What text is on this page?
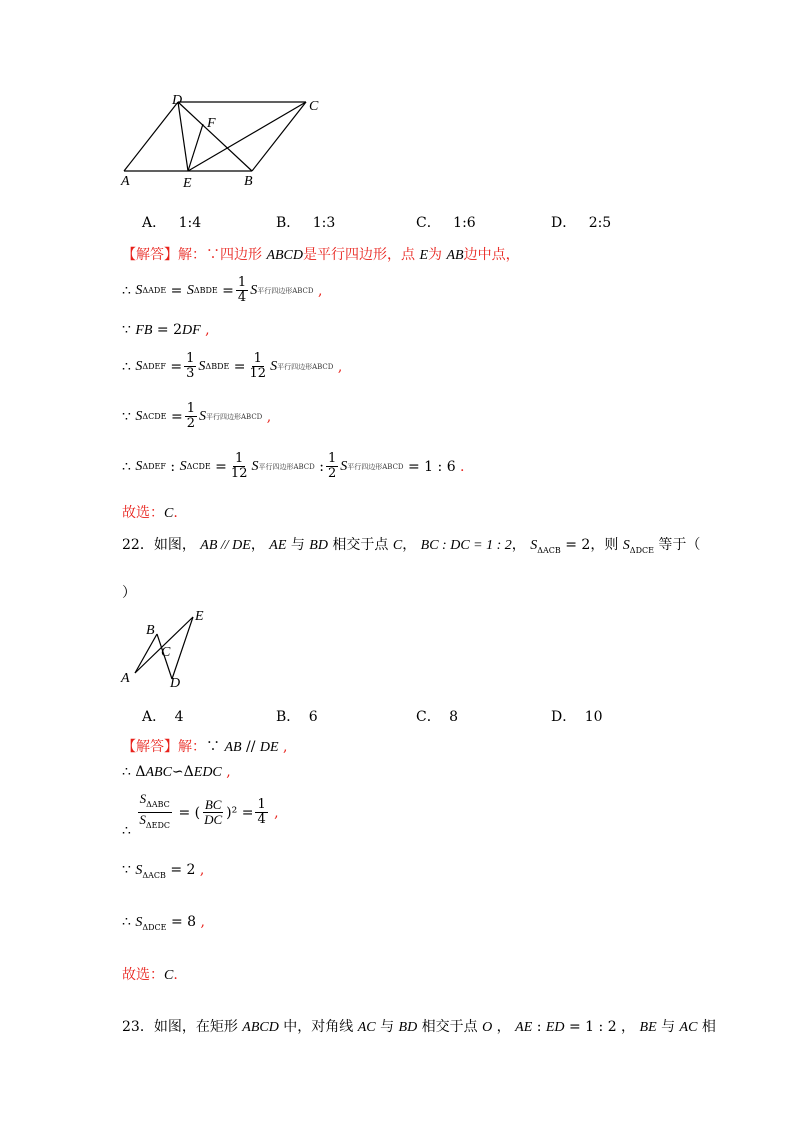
D	C
F
A	E	B
A． 1:4	B． 1:3	C． 1:6	D． 2:5
【解答】解：∵四边形 ABCD是平行四边形，点 E为 AB边中点，
∴ S ΔADE = S $\Delta BDE = \frac{1}{4}$ S 平行四边形ABCD ,
∵ FB = 2DF ,
∴ S $\Delta DEF = \frac{1}{3}$ S $\Delta BDE = \frac{1}{12}$ S 平行四边形ABCD ,
∵ S $\Delta CDE = \frac{1}{2}$ S 平行四边形ABCD ,
∴ S ΔDEF : S $\Delta CDE = \frac{1}{12}$ S 平行四边形ABCD : $\frac{1}{2}$ S 平行四边形ABCD = 1 : 6 .
故选：C.
22．如图， AB // DE， AE 与 BD 相交于点 C， BC : DC = 1 : 2， $S_{\Delta ACB} = 2$，则 $S_{\Delta DCE}$ 等于（
）
B
E
C
A	D
A． 4	B． 6	C． 8	D． 10
【解答】解：∵ AB // DE ,
∴ ΔABC∽ΔEDC ,
∴ $\frac{S_{\Delta ABC}}{S_{\Delta EDC}}$ = ( $\frac{BC}{DC} )^2 = \frac{1}{4}$ ,
∵ $S_{\Delta ACB} = 2$ ,
∴ $S_{\Delta DCE} = 8$ ,
故选：C.
23．如图，在矩形 ABCD 中，对角线 AC 与 BD 相交于点 O ， AE : ED = 1 : 2 ， BE 与 AC 相
